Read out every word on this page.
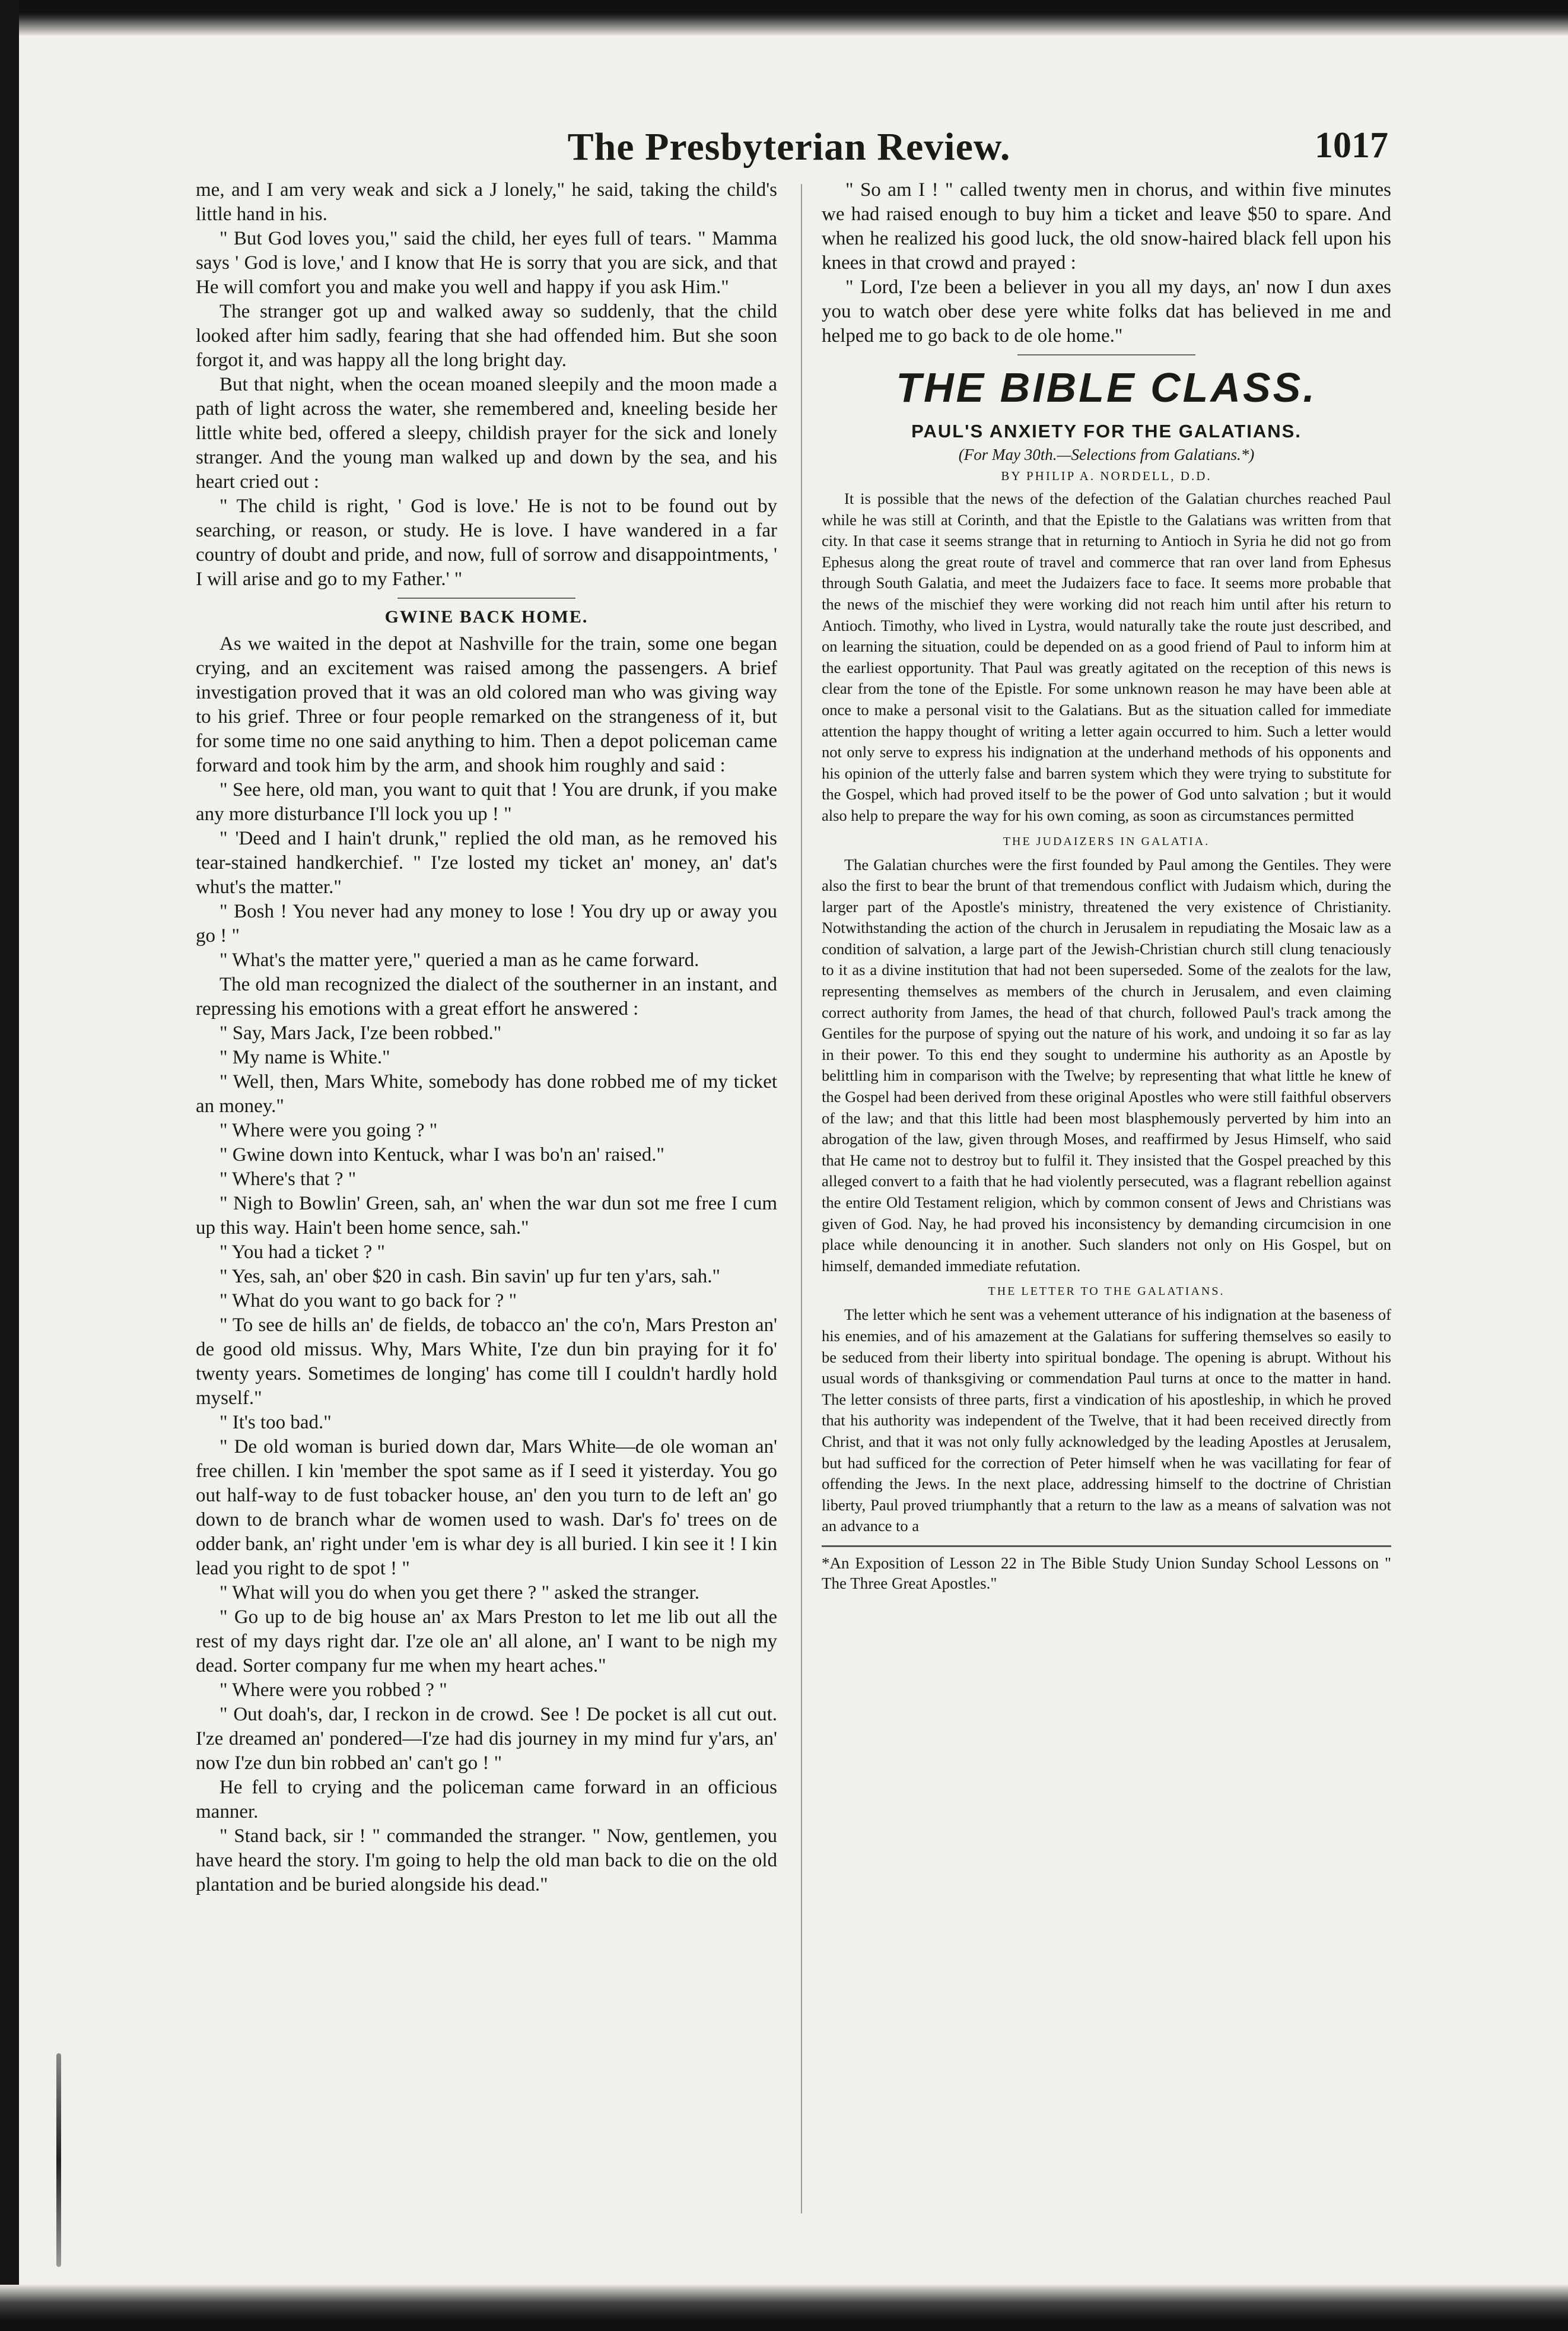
The Presbyterian Review.	1017

me, and I am very weak and sick a J lonely," he said, taking the child's little hand in his.

" But God loves you," said the child, her eyes full of tears. " Mamma says ' God is love,' and I know that He is sorry that you are sick, and that He will comfort you and make you well and happy if you ask Him."

The stranger got up and walked away so suddenly, that the child looked after him sadly, fearing that she had offended him. But she soon forgot it, and was happy all the long bright day.

But that night, when the ocean moaned sleepily and the moon made a path of light across the water, she remembered and, kneeling beside her little white bed, offered a sleepy, childish prayer for the sick and lonely stranger. And the young man walked up and down by the sea, and his heart cried out :

" The child is right, ' God is love.' He is not to be found out by searching, or reason, or study. He is love. I have wandered in a far country of doubt and pride, and now, full of sorrow and disappointments, ' I will arise and go to my Father.' "

GWINE BACK HOME.

As we waited in the depot at Nashville for the train, some one began crying, and an excitement was raised among the passengers. A brief investigation proved that it was an old colored man who was giving way to his grief. Three or four people remarked on the strangeness of it, but for some time no one said anything to him. Then a depot policeman came forward and took him by the arm, and shook him roughly and said :

" See here, old man, you want to quit that ! You are drunk, if you make any more disturbance I'll lock you up ! "

" 'Deed and I hain't drunk," replied the old man, as he removed his tear-stained handkerchief. " I'ze losted my ticket an' money, an' dat's whut's the matter."

" Bosh ! You never had any money to lose ! You dry up or away you go ! "

" What's the matter yere," queried a man as he came forward.

The old man recognized the dialect of the southerner in an instant, and repressing his emotions with a great effort he answered :

" Say, Mars Jack, I'ze been robbed."

" My name is White."

" Well, then, Mars White, somebody has done robbed me of my ticket an money."

" Where were you going ? "

" Gwine down into Kentuck, whar I was bo'n an' raised."

" Where's that ? "

" Nigh to Bowlin' Green, sah, an' when the war dun sot me free I cum up this way. Hain't been home sence, sah."

" You had a ticket ? "

" Yes, sah, an' ober $20 in cash. Bin savin' up fur ten y'ars, sah."

" What do you want to go back for ? "

" To see de hills an' de fields, de tobacco an' the co'n, Mars Preston an' de good old missus. Why, Mars White, I'ze dun bin praying for it fo' twenty years. Sometimes de longing' has come till I couldn't hardly hold myself."

" It's too bad."

" De old woman is buried down dar, Mars White—de ole woman an' free chillen. I kin 'member the spot same as if I seed it yisterday. You go out half-way to de fust tobacker house, an' den you turn to de left an' go down to de branch whar de women used to wash. Dar's fo' trees on de odder bank, an' right under 'em is whar dey is all buried. I kin see it ! I kin lead you right to de spot ! "

" What will you do when you get there ? " asked the stranger.

" Go up to de big house an' ax Mars Preston to let me lib out all the rest of my days right dar. I'ze ole an' all alone, an' I want to be nigh my dead. Sorter company fur me when my heart aches."

" Where were you robbed ? "

" Out doah's, dar, I reckon in de crowd. See ! De pocket is all cut out. I'ze dreamed an' pondered—I'ze had dis journey in my mind fur y'ars, an' now I'ze dun bin robbed an' can't go ! "

He fell to crying and the policeman came forward in an officious manner.

" Stand back, sir ! " commanded the stranger. " Now, gentlemen, you have heard the story. I'm going to help the old man back to die on the old plantation and be buried alongside his dead."

" So am I ! " called twenty men in chorus, and within five minutes we had raised enough to buy him a ticket and leave $50 to spare. And when he realized his good luck, the old snow-haired black fell upon his knees in that crowd and prayed :

" Lord, I'ze been a believer in you all my days, an' now I dun axes you to watch ober dese yere white folks dat has believed in me and helped me to go back to de ole home."

THE BIBLE CLASS.
PAUL'S ANXIETY FOR THE GALATIANS.
(For May 30th.—Selections from Galatians.*)
BY PHILIP A. NORDELL, D.D.

It is possible that the news of the defection of the Galatian churches reached Paul while he was still at Corinth, and that the Epistle to the Galatians was written from that city. In that case it seems strange that in returning to Antioch in Syria he did not go from Ephesus along the great route of travel and commerce that ran over land from Ephesus through South Galatia, and meet the Judaizers face to face. It seems more probable that the news of the mischief they were working did not reach him until after his return to Antioch. Timothy, who lived in Lystra, would naturally take the route just described, and on learning the situation, could be depended on as a good friend of Paul to inform him at the earliest opportunity. That Paul was greatly agitated on the reception of this news is clear from the tone of the Epistle. For some unknown reason he may have been able at once to make a personal visit to the Galatians. But as the situation called for immediate attention the happy thought of writing a letter again occurred to him. Such a letter would not only serve to express his indignation at the underhand methods of his opponents and his opinion of the utterly false and barren system which they were trying to substitute for the Gospel, which had proved itself to be the power of God unto salvation ; but it would also help to prepare the way for his own coming, as soon as circumstances permitted

THE JUDAIZERS IN GALATIA.

The Galatian churches were the first founded by Paul among the Gentiles. They were also the first to bear the brunt of that tremendous conflict with Judaism which, during the larger part of the Apostle's ministry, threatened the very existence of Christianity. Notwithstanding the action of the church in Jerusalem in repudiating the Mosaic law as a condition of salvation, a large part of the Jewish-Christian church still clung tenaciously to it as a divine institution that had not been superseded. Some of the zealots for the law, representing themselves as members of the church in Jerusalem, and even claiming correct authority from James, the head of that church, followed Paul's track among the Gentiles for the purpose of spying out the nature of his work, and undoing it so far as lay in their power. To this end they sought to undermine his authority as an Apostle by belittling him in comparison with the Twelve; by representing that what little he knew of the Gospel had been derived from these original Apostles who were still faithful observers of the law; and that this little had been most blasphemously perverted by him into an abrogation of the law, given through Moses, and reaffirmed by Jesus Himself, who said that He came not to destroy but to fulfil it. They insisted that the Gospel preached by this alleged convert to a faith that he had violently persecuted, was a flagrant rebellion against the entire Old Testament religion, which by common consent of Jews and Christians was given of God. Nay, he had proved his inconsistency by demanding circumcision in one place while denouncing it in another. Such slanders not only on His Gospel, but on himself, demanded immediate refutation.

THE LETTER TO THE GALATIANS.

The letter which he sent was a vehement utterance of his indignation at the baseness of his enemies, and of his amazement at the Galatians for suffering themselves so easily to be seduced from their liberty into spiritual bondage. The opening is abrupt. Without his usual words of thanksgiving or commendation Paul turns at once to the matter in hand. The letter consists of three parts, first a vindication of his apostleship, in which he proved that his authority was independent of the Twelve, that it had been received directly from Christ, and that it was not only fully acknowledged by the leading Apostles at Jerusalem, but had sufficed for the correction of Peter himself when he was vacillating for fear of offending the Jews. In the next place, addressing himself to the doctrine of Christian liberty, Paul proved triumphantly that a return to the law as a means of salvation was not an advance to a

*An Exposition of Lesson 22 in The Bible Study Union Sunday School Lessons on " The Three Great Apostles."
